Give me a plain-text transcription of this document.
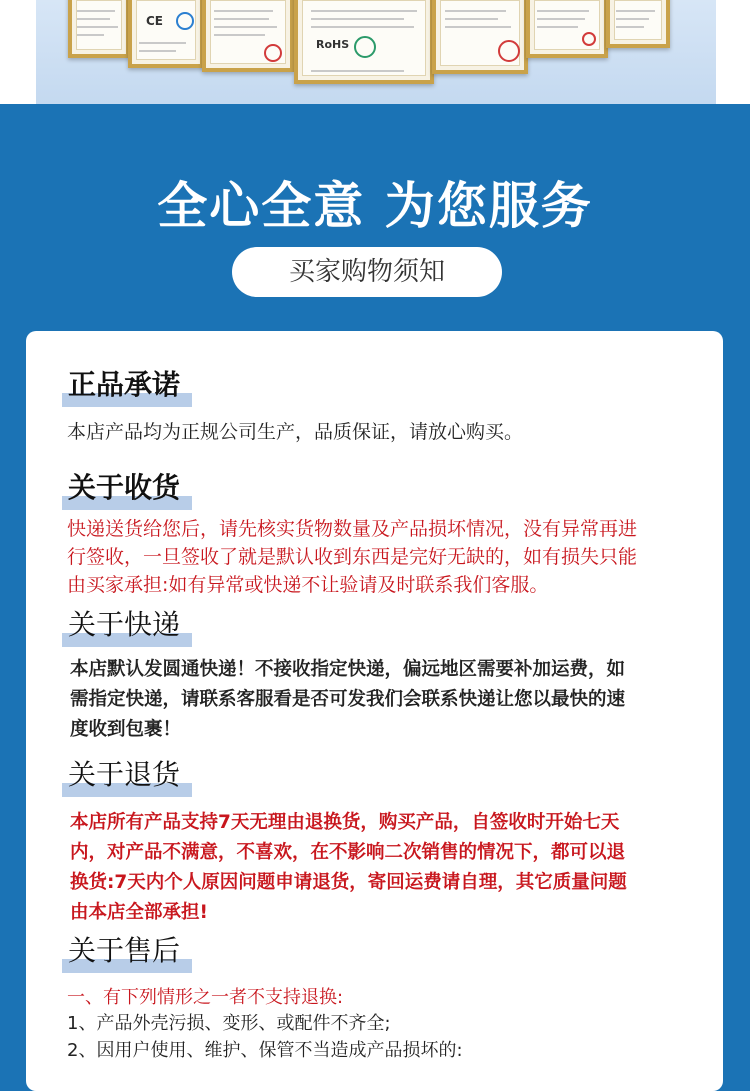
CE
RoHS
全心全意 为您服务
买家购物须知
正品承诺
本店产品均为正规公司生产，品质保证，请放心购买。
关于收货
快递送货给您后，请先核实货物数量及产品损坏情况，没有异常再进
行签收，一旦签收了就是默认收到东西是完好无缺的，如有损失只能
由买家承担:如有异常或快递不让验请及时联系我们客服。
关于快递
本店默认发圆通快递！不接收指定快递，偏远地区需要补加运费，如
需指定快递，请联系客服看是否可发我们会联系快递让您以最快的速
度收到包裹！
关于退货
本店所有产品支持7天无理由退换货，购买产品，自签收时开始七天
内，对产品不满意，不喜欢，在不影响二次销售的情况下，都可以退
换货:7天内个人原因问题申请退货，寄回运费请自理，其它质量问题
由本店全部承担!
关于售后
一、有下列情形之一者不支持退换:
1、产品外壳污损、变形、或配件不齐全;
2、因用户使用、维护、保管不当造成产品损坏的:
